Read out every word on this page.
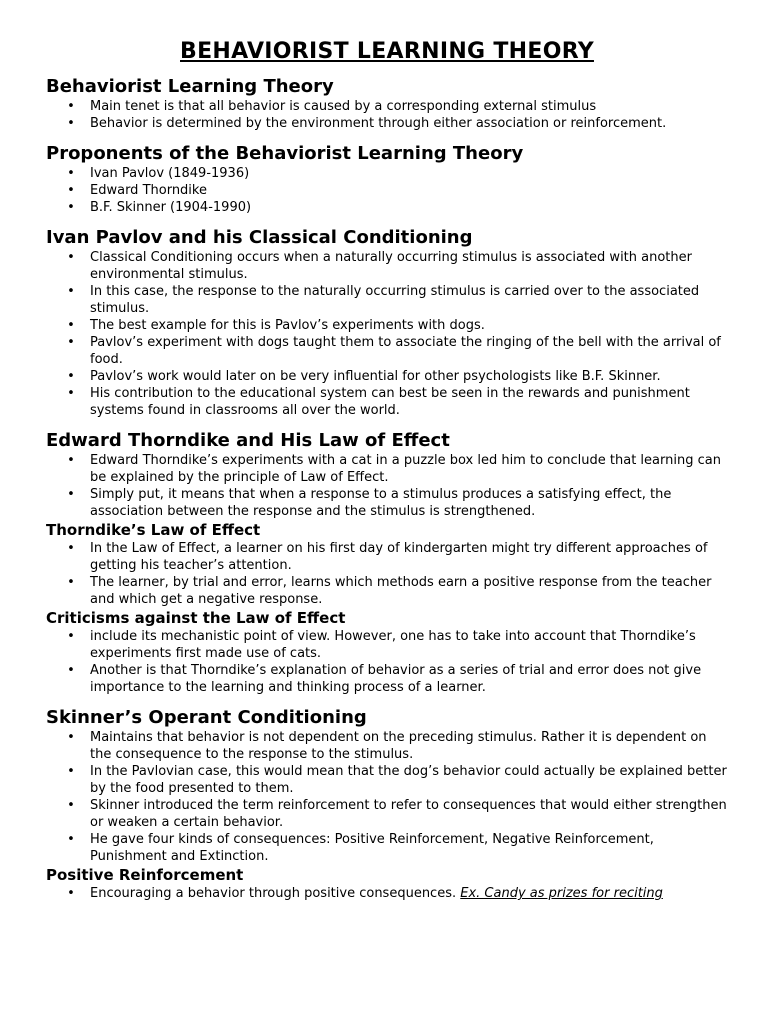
BEHAVIORIST LEARNING THEORY
Behaviorist Learning Theory
• Main tenet is that all behavior is caused by a corresponding external stimulus
• Behavior is determined by the environment through either association or reinforcement.
Proponents of the Behaviorist Learning Theory
• Ivan Pavlov (1849-1936)
• Edward Thorndike
• B.F. Skinner (1904-1990)
Ivan Pavlov and his Classical Conditioning
• Classical Conditioning occurs when a naturally occurring stimulus is associated with another environmental stimulus.
• In this case, the response to the naturally occurring stimulus is carried over to the associated stimulus.
• The best example for this is Pavlov’s experiments with dogs.
• Pavlov’s experiment with dogs taught them to associate the ringing of the bell with the arrival of food.
• Pavlov’s work would later on be very influential for other psychologists like B.F. Skinner.
• His contribution to the educational system can best be seen in the rewards and punishment systems found in classrooms all over the world.
Edward Thorndike and His Law of Effect
• Edward Thorndike’s experiments with a cat in a puzzle box led him to conclude that learning can be explained by the principle of Law of Effect.
• Simply put, it means that when a response to a stimulus produces a satisfying effect, the association between the response and the stimulus is strengthened.
Thorndike’s Law of Effect
• In the Law of Effect, a learner on his first day of kindergarten might try different approaches of getting his teacher’s attention.
• The learner, by trial and error, learns which methods earn a positive response from the teacher and which get a negative response.
Criticisms against the Law of Effect
• include its mechanistic point of view. However, one has to take into account that Thorndike’s experiments first made use of cats.
• Another is that Thorndike’s explanation of behavior as a series of trial and error does not give importance to the learning and thinking process of a learner.
Skinner’s Operant Conditioning
• Maintains that behavior is not dependent on the preceding stimulus. Rather it is dependent on the consequence to the response to the stimulus.
• In the Pavlovian case, this would mean that the dog’s behavior could actually be explained better by the food presented to them.
• Skinner introduced the term reinforcement to refer to consequences that would either strengthen or weaken a certain behavior.
• He gave four kinds of consequences: Positive Reinforcement, Negative Reinforcement, Punishment and Extinction.
Positive Reinforcement
• Encouraging a behavior through positive consequences. Ex. Candy as prizes for reciting
